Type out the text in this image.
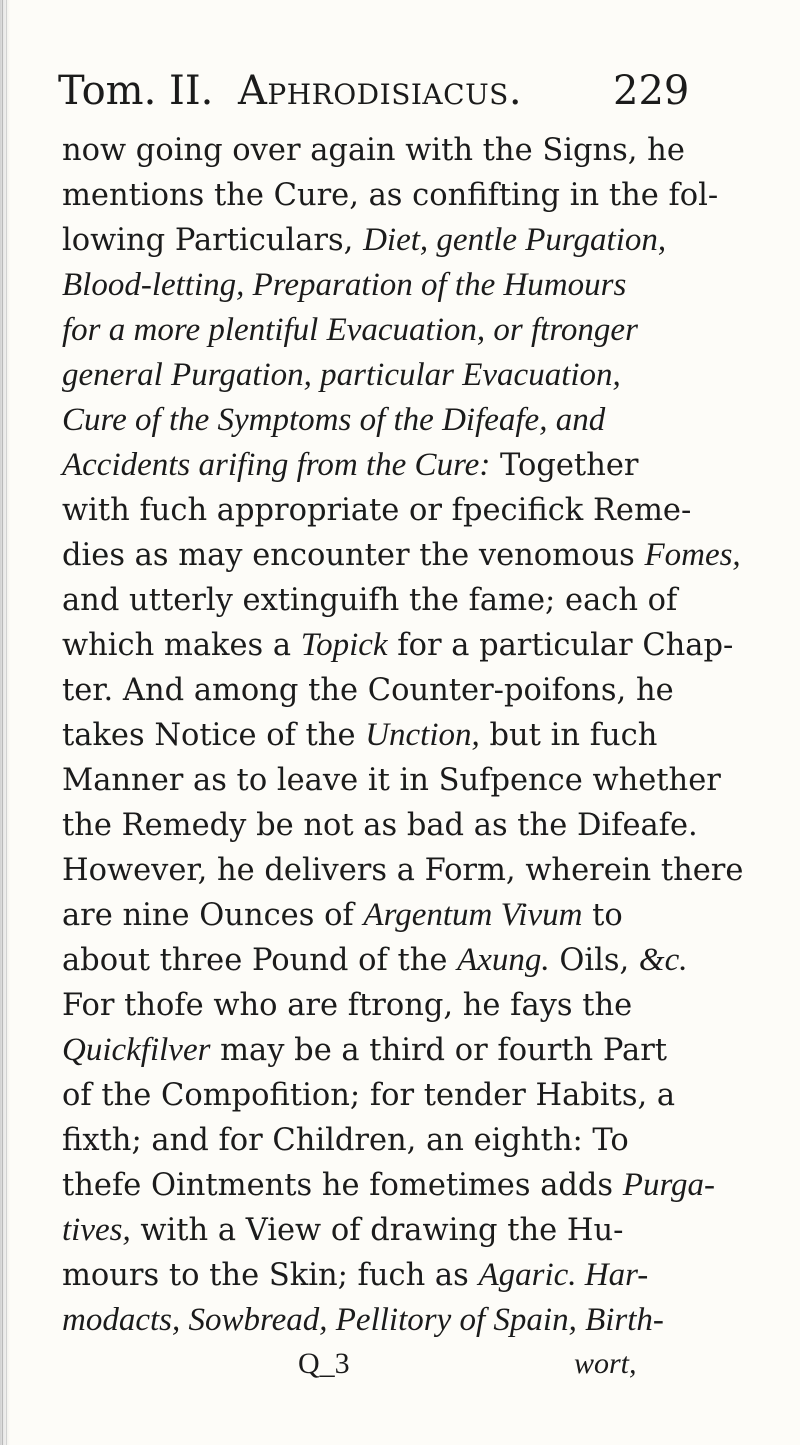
Tom. II. Aphrodisiacus. 229
now going over again with the Signs, he
mentions the Cure, as confifting in the fol-
lowing Particulars, Diet, gentle Purgation,
Blood-letting, Preparation of the Humours
for a more plentiful Evacuation, or ftronger
general Purgation, particular Evacuation,
Cure of the Symptoms of the Difeafe, and
Accidents arifing from the Cure: Together
with fuch appropriate or fpecifick Reme-
dies as may encounter the venomous Fomes,
and utterly extinguifh the fame; each of
which makes a Topick for a particular Chap-
ter. And among the Counter-poifons, he
takes Notice of the Unction, but in fuch
Manner as to leave it in Sufpence whether
the Remedy be not as bad as the Difeafe.
However, he delivers a Form, wherein there
are nine Ounces of Argentum Vivum to
about three Pound of the Axung. Oils, &c.
For thofe who are ftrong, he fays the
Quickfilver may be a third or fourth Part
of the Compofition; for tender Habits, a
fixth; and for Children, an eighth: To
thefe Ointments he fometimes adds Purga-
tives, with a View of drawing the Hu-
mours to the Skin; fuch as Agaric. Har-
modacts, Sowbread, Pellitory of Spain, Birth-
Q_3	wort,
